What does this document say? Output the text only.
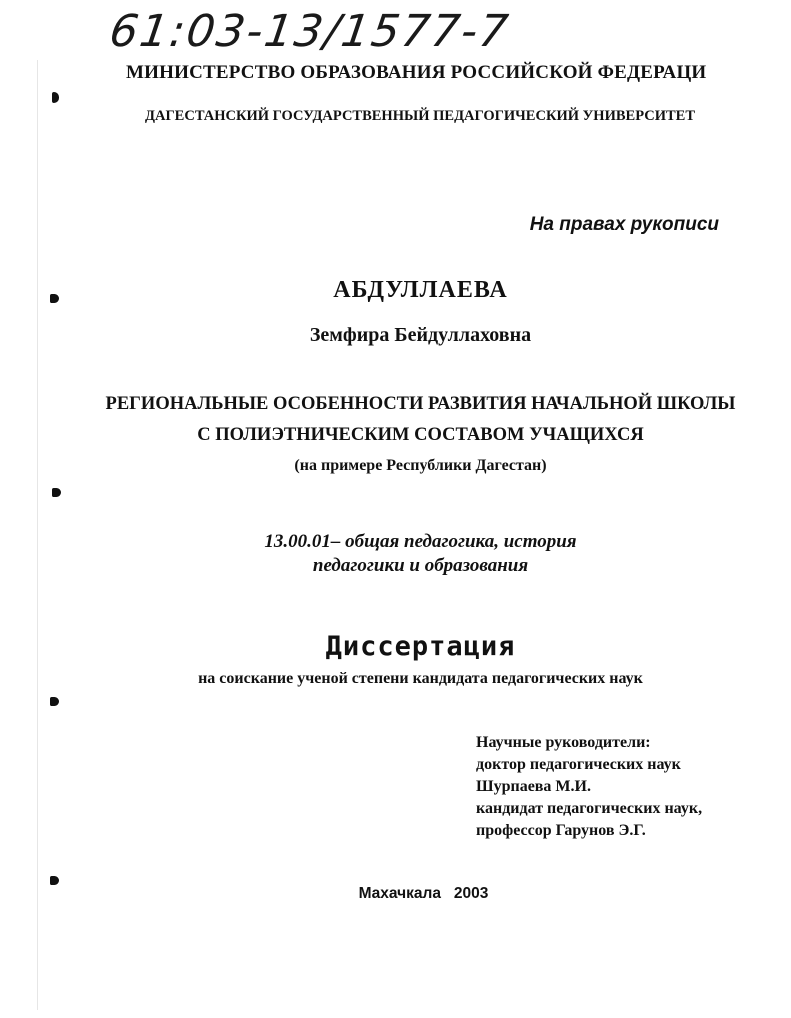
61:03-13/1577-7
МИНИСТЕРСТВО ОБРАЗОВАНИЯ РОССИЙСКОЙ ФЕДЕРАЦИ
ДАГЕСТАНСКИЙ ГОСУДАРСТВЕННЫЙ ПЕДАГОГИЧЕСКИЙ УНИВЕРСИТЕТ
На правах рукописи
АБДУЛЛАЕВА
Земфира Бейдуллаховна
РЕГИОНАЛЬНЫЕ ОСОБЕННОСТИ РАЗВИТИЯ НАЧАЛЬНОЙ ШКОЛЫ
С ПОЛИЭТНИЧЕСКИМ СОСТАВОМ УЧАЩИХСЯ
(на примере Республики Дагестан)
13.00.01– общая педагогика, история
педагогики и образования
Диссертация
на соискание ученой степени кандидата педагогических наук
Научные руководители:
доктор педагогических наук
Шурпаева М.И.
кандидат педагогических наук,
профессор Гарунов Э.Г.
Махачкала   2003
